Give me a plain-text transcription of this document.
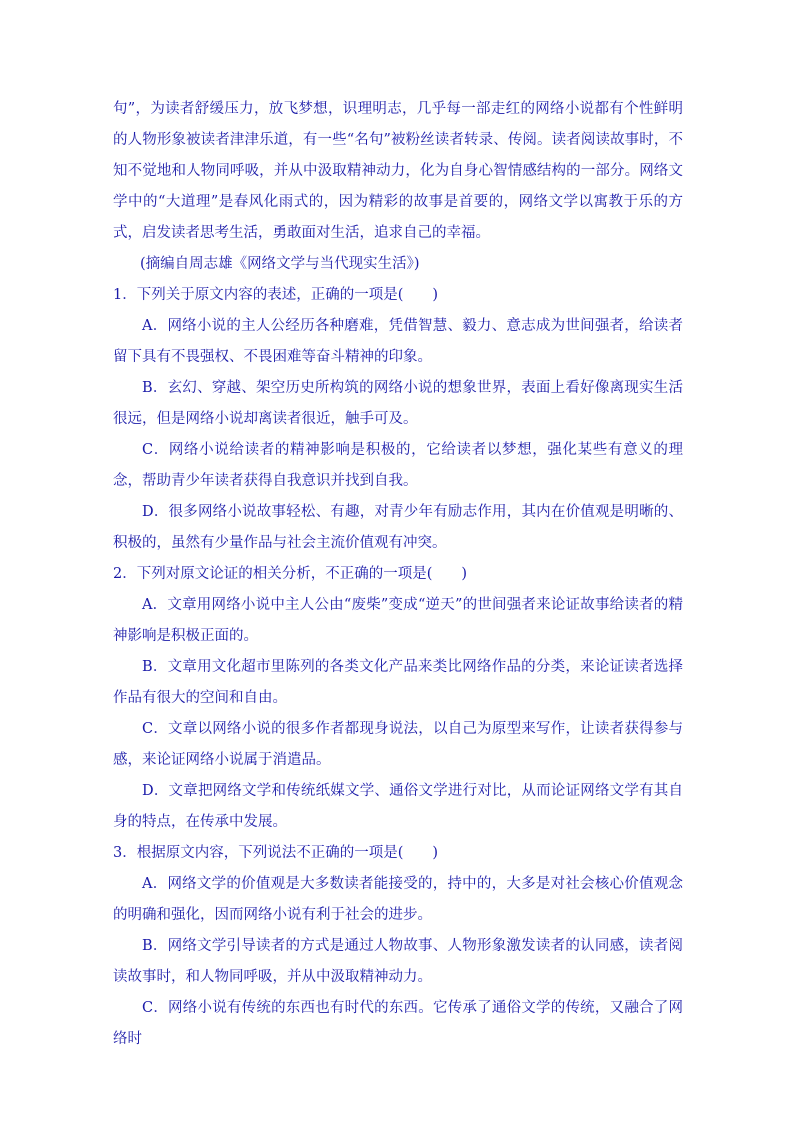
句”，为读者舒缓压力，放飞梦想，识理明志，几乎每一部走红的网络小说都有个性鲜明的人物形象被读者津津乐道，有一些“名句”被粉丝读者转录、传阅。读者阅读故事时，不知不觉地和人物同呼吸，并从中汲取精神动力，化为自身心智情感结构的一部分。网络文学中的“大道理”是春风化雨式的，因为精彩的故事是首要的，网络文学以寓教于乐的方式，启发读者思考生活，勇敢面对生活，追求自己的幸福。

(摘编自周志雄《网络文学与当代现实生活》)

1．下列关于原文内容的表述，正确的一项是(　　)

A．网络小说的主人公经历各种磨难，凭借智慧、毅力、意志成为世间强者，给读者留下具有不畏强权、不畏困难等奋斗精神的印象。

B．玄幻、穿越、架空历史所构筑的网络小说的想象世界，表面上看好像离现实生活很远，但是网络小说却离读者很近，触手可及。

C．网络小说给读者的精神影响是积极的，它给读者以梦想，强化某些有意义的理念，帮助青少年读者获得自我意识并找到自我。

D．很多网络小说故事轻松、有趣，对青少年有励志作用，其内在价值观是明晰的、积极的，虽然有少量作品与社会主流价值观有冲突。

2．下列对原文论证的相关分析，不正确的一项是(　　)

A．文章用网络小说中主人公由“废柴”变成“逆天”的世间强者来论证故事给读者的精神影响是积极正面的。

B．文章用文化超市里陈列的各类文化产品来类比网络作品的分类，来论证读者选择作品有很大的空间和自由。

C．文章以网络小说的很多作者都现身说法，以自己为原型来写作，让读者获得参与感，来论证网络小说属于消遣品。

D．文章把网络文学和传统纸媒文学、通俗文学进行对比，从而论证网络文学有其自身的特点，在传承中发展。

3．根据原文内容，下列说法不正确的一项是(　　)

A．网络文学的价值观是大多数读者能接受的，持中的，大多是对社会核心价值观念的明确和强化，因而网络小说有利于社会的进步。

B．网络文学引导读者的方式是通过人物故事、人物形象激发读者的认同感，读者阅读故事时，和人物同呼吸，并从中汲取精神动力。

C．网络小说有传统的东西也有时代的东西。它传承了通俗文学的传统，又融合了网络时
